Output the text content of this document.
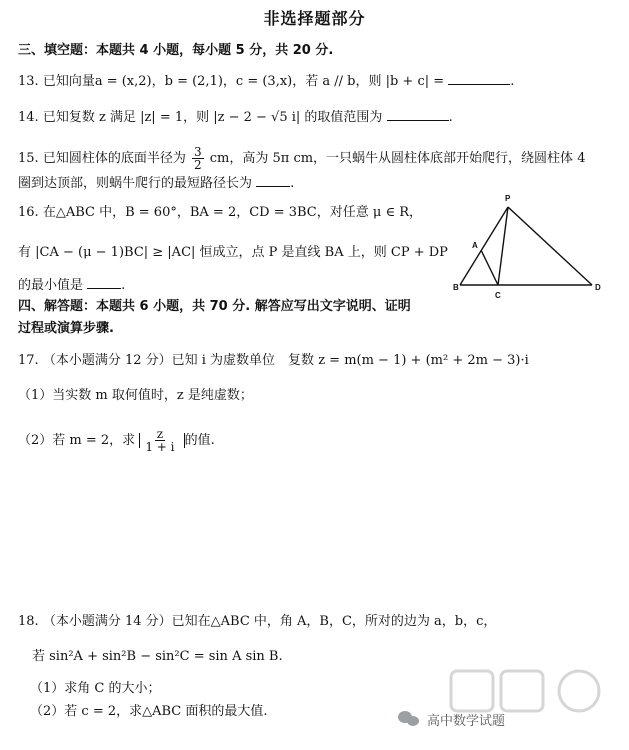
非选择题部分
三、填空题：本题共 4 小题，每小题 5 分，共 20 分.
13. 已知向量a = (x,2)，b = (2,1)，c = (3,x)，若 a // b，则 |b + c| =	.
14. 已知复数 z 满足 |z| = 1，则 |z − 2 − √5 i| 的取值范围为	.
15. 已知圆柱体的底面半径为 $\frac{3}{2}$ cm，高为 5π cm，一只蜗牛从圆柱体底部开始爬行，绕圆柱体 4
圈到达顶部，则蜗牛爬行的最短路径长为	.
16. 在△ABC 中，B = 60°，BA = 2，CD = 3BC，对任意 μ ∈ R，
有 |CA − (μ − 1)BC| ≥ |AC| 恒成立，点 P 是直线 BA 上，则 CP + DP
的最小值是	.
P
A
B
C
D
四、解答题：本题共 6 小题，共 70 分. 解答应写出文字说明、证明
过程或演算步骤.
17. （本小题满分 12 分）已知 i 为虚数单位　复数 z = m(m − 1) + (m² + 2m − 3)·i
（1）当实数 m 取何值时，z 是纯虚数；
（2）若 m = 2，求 $\frac{z}{1 + i}$ 的值.
18. （本小题满分 14 分）已知在△ABC 中，角 A，B，C，所对的边为 a，b，c，
若 sin²A + sin²B − sin²C = sin A sin B.
（1）求角 C 的大小；
（2）若 c = 2，求△ABC 面积的最大值.
高中数学试题
